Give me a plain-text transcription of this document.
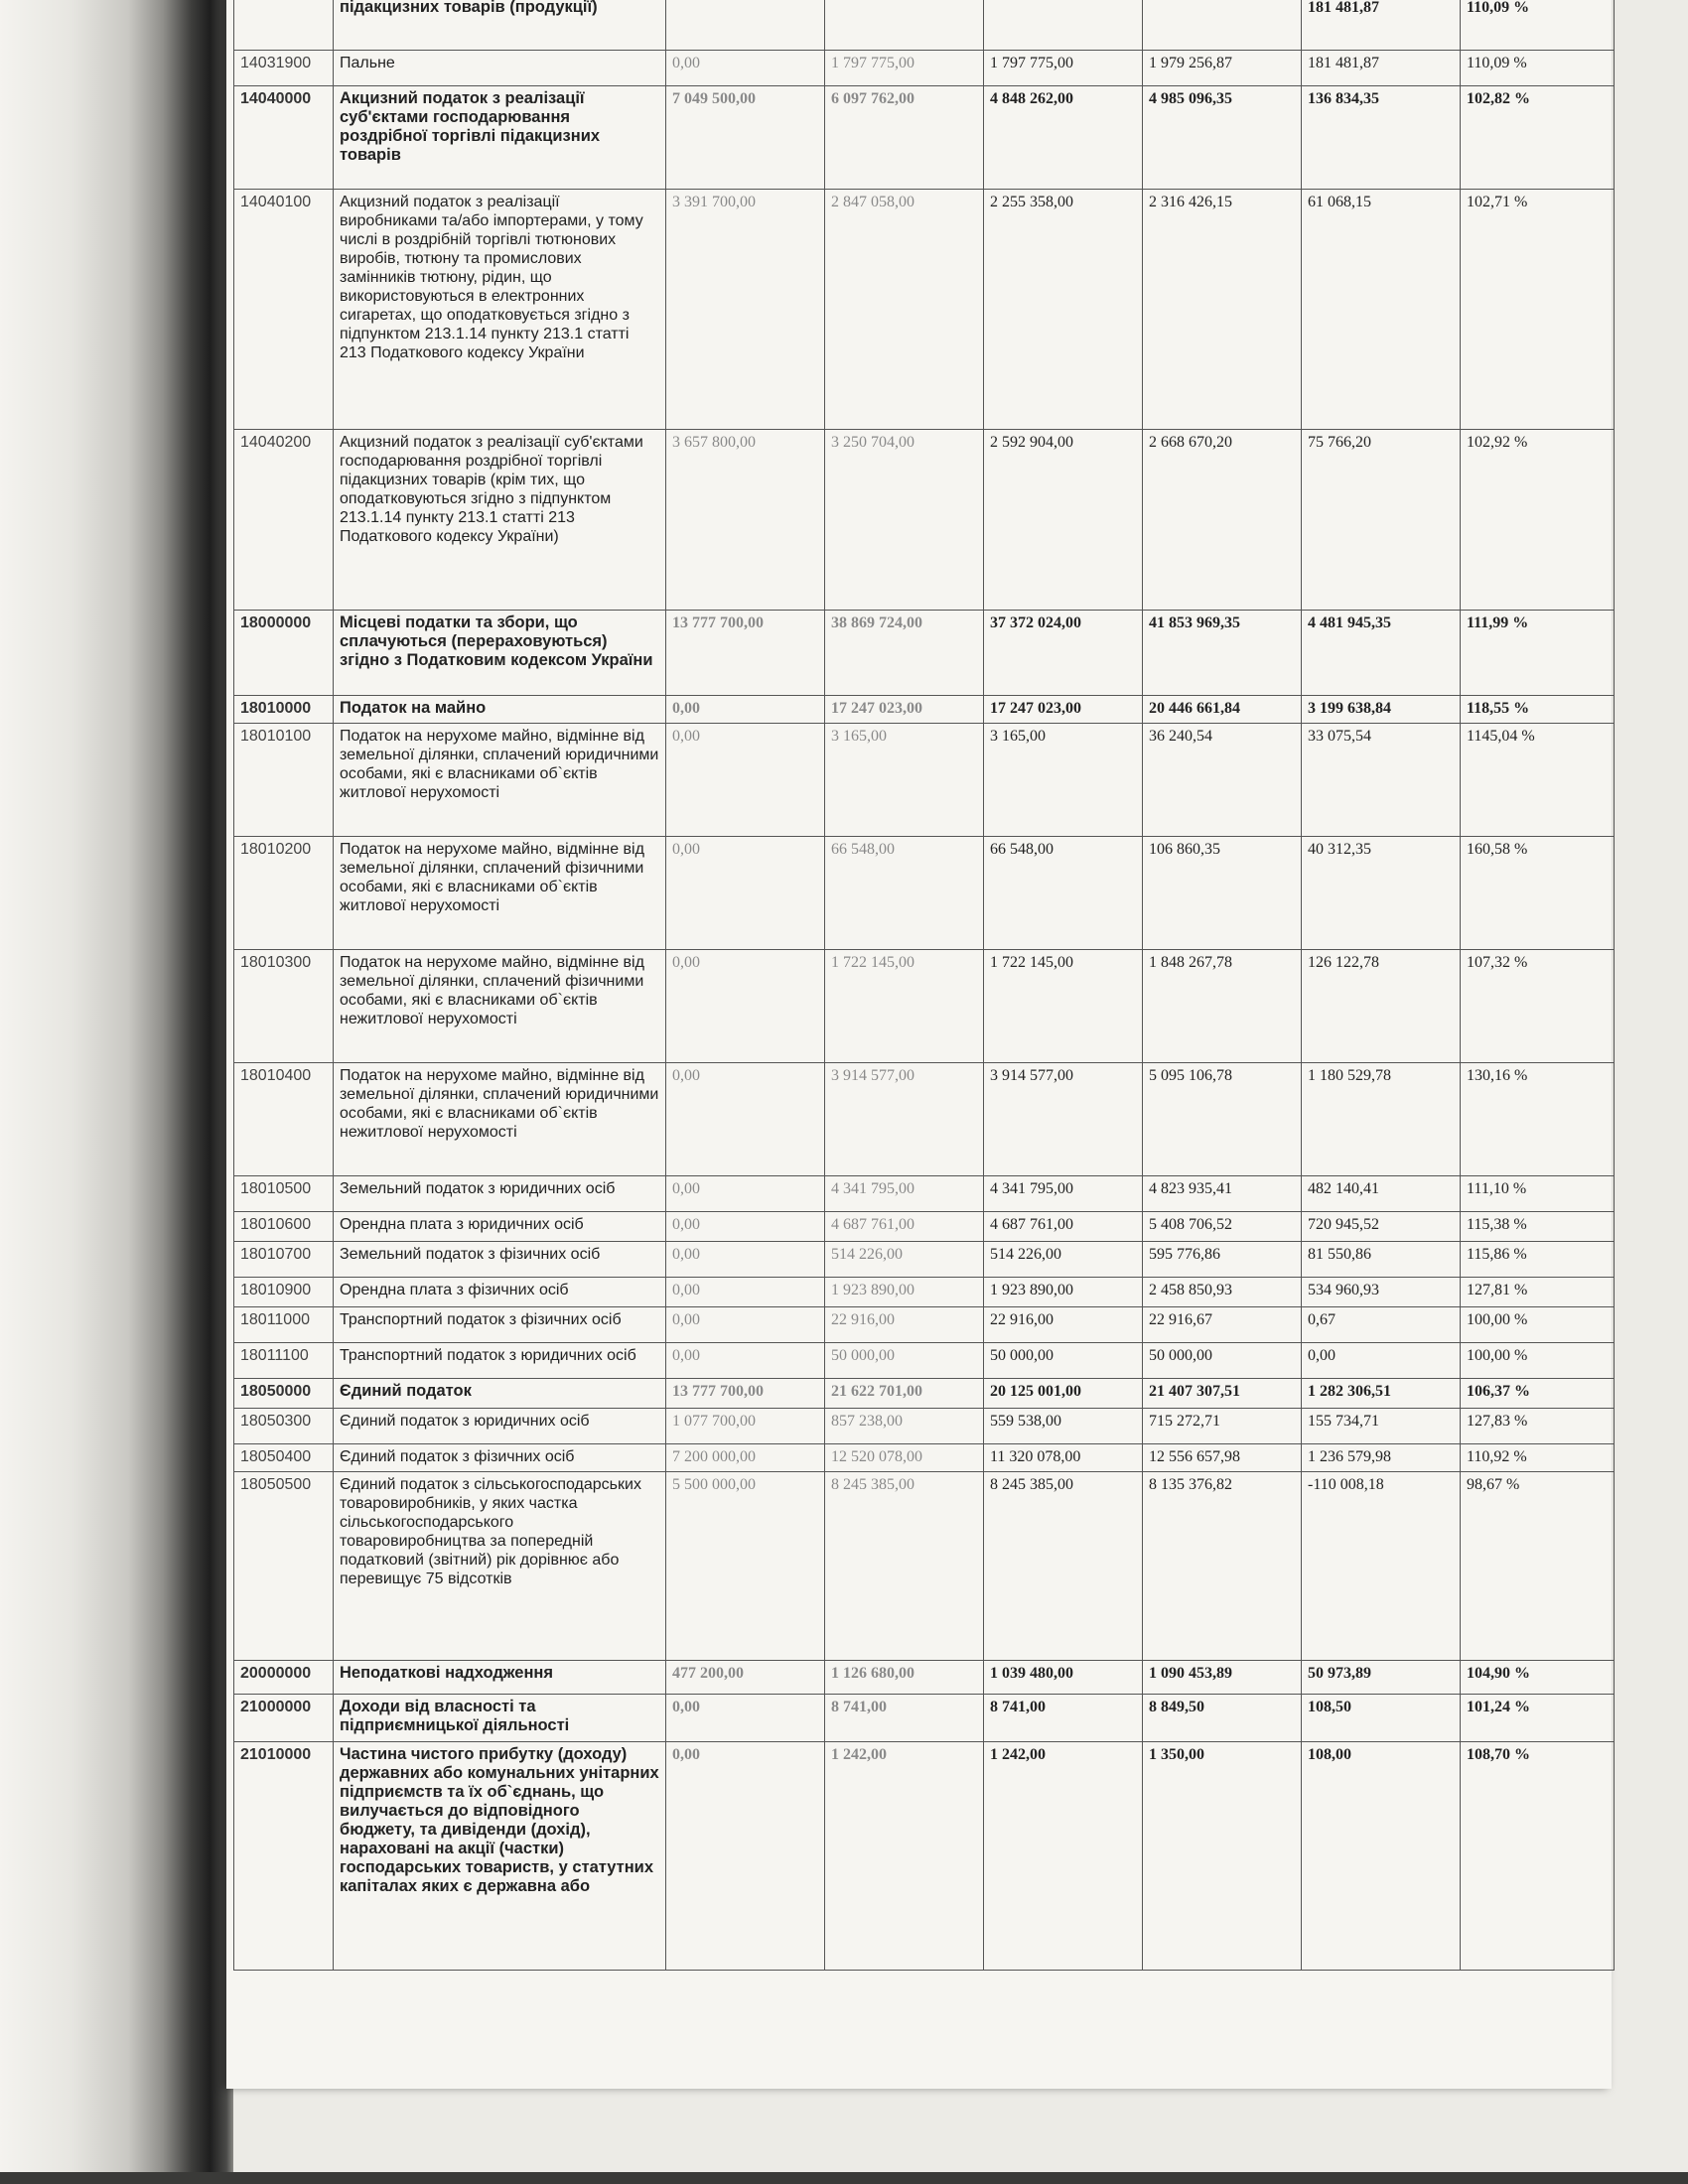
	підакцизних товарів (продукції)					181 481,87	110,09 %
14031900	Пальне	0,00	1 797 775,00	1 797 775,00	1 979 256,87	181 481,87	110,09 %
14040000	Акцизний податок з реалізації суб'єктами господарювання роздрібної торгівлі підакцизних товарів	7 049 500,00	6 097 762,00	4 848 262,00	4 985 096,35	136 834,35	102,82 %
14040100	Акцизний податок з реалізації виробниками та/або імпортерами, у тому числі в роздрібній торгівлі тютюнових виробів, тютюну та промислових замінників тютюну, рідин, що використовуються в електронних сигаретах, що оподатковується згідно з підпунктом 213.1.14 пункту 213.1 статті 213 Податкового кодексу України	3 391 700,00	2 847 058,00	2 255 358,00	2 316 426,15	61 068,15	102,71 %
14040200	Акцизний податок з реалізації суб'єктами господарювання роздрібної торгівлі підакцизних товарів (крім тих, що оподатковуються згідно з підпунктом 213.1.14 пункту 213.1 статті 213 Податкового кодексу України)	3 657 800,00	3 250 704,00	2 592 904,00	2 668 670,20	75 766,20	102,92 %
18000000	Місцеві податки та збори, що сплачуються (перераховуються) згідно з Податковим кодексом України	13 777 700,00	38 869 724,00	37 372 024,00	41 853 969,35	4 481 945,35	111,99 %
18010000	Податок на майно	0,00	17 247 023,00	17 247 023,00	20 446 661,84	3 199 638,84	118,55 %
18010100	Податок на нерухоме майно, відмінне від земельної ділянки, сплачений юридичними особами, які є власниками об`єктів житлової нерухомості	0,00	3 165,00	3 165,00	36 240,54	33 075,54	1145,04 %
18010200	Податок на нерухоме майно, відмінне від земельної ділянки, сплачений фізичними особами, які є власниками об`єктів житлової нерухомості	0,00	66 548,00	66 548,00	106 860,35	40 312,35	160,58 %
18010300	Податок на нерухоме майно, відмінне від земельної ділянки, сплачений фізичними особами, які є власниками об`єктів нежитлової нерухомості	0,00	1 722 145,00	1 722 145,00	1 848 267,78	126 122,78	107,32 %
18010400	Податок на нерухоме майно, відмінне від земельної ділянки, сплачений юридичними особами, які є власниками об`єктів нежитлової нерухомості	0,00	3 914 577,00	3 914 577,00	5 095 106,78	1 180 529,78	130,16 %
18010500	Земельний податок з юридичних осіб	0,00	4 341 795,00	4 341 795,00	4 823 935,41	482 140,41	111,10 %
18010600	Орендна плата з юридичних осіб	0,00	4 687 761,00	4 687 761,00	5 408 706,52	720 945,52	115,38 %
18010700	Земельний податок з фізичних осіб	0,00	514 226,00	514 226,00	595 776,86	81 550,86	115,86 %
18010900	Орендна плата з фізичних осіб	0,00	1 923 890,00	1 923 890,00	2 458 850,93	534 960,93	127,81 %
18011000	Транспортний податок з фізичних осіб	0,00	22 916,00	22 916,00	22 916,67	0,67	100,00 %
18011100	Транспортний податок з юридичних осіб	0,00	50 000,00	50 000,00	50 000,00	0,00	100,00 %
18050000	Єдиний податок	13 777 700,00	21 622 701,00	20 125 001,00	21 407 307,51	1 282 306,51	106,37 %
18050300	Єдиний податок з юридичних осіб	1 077 700,00	857 238,00	559 538,00	715 272,71	155 734,71	127,83 %
18050400	Єдиний податок з фізичних осіб	7 200 000,00	12 520 078,00	11 320 078,00	12 556 657,98	1 236 579,98	110,92 %
18050500	Єдиний податок з сільськогосподарських товаровиробників, у яких частка сільськогосподарського товаровиробництва за попередній податковий (звітний) рік дорівнює або перевищує 75 відсотків	5 500 000,00	8 245 385,00	8 245 385,00	8 135 376,82	-110 008,18	98,67 %
20000000	Неподаткові надходження	477 200,00	1 126 680,00	1 039 480,00	1 090 453,89	50 973,89	104,90 %
21000000	Доходи від власності та підприємницької діяльності	0,00	8 741,00	8 741,00	8 849,50	108,50	101,24 %
21010000	Частина чистого прибутку (доходу) державних або комунальних унітарних підприємств та їх об`єднань, що вилучається до відповідного бюджету, та дивіденди (дохід), нараховані на акції (частки) господарських товариств, у статутних капіталах яких є державна або	0,00	1 242,00	1 242,00	1 350,00	108,00	108,70 %
